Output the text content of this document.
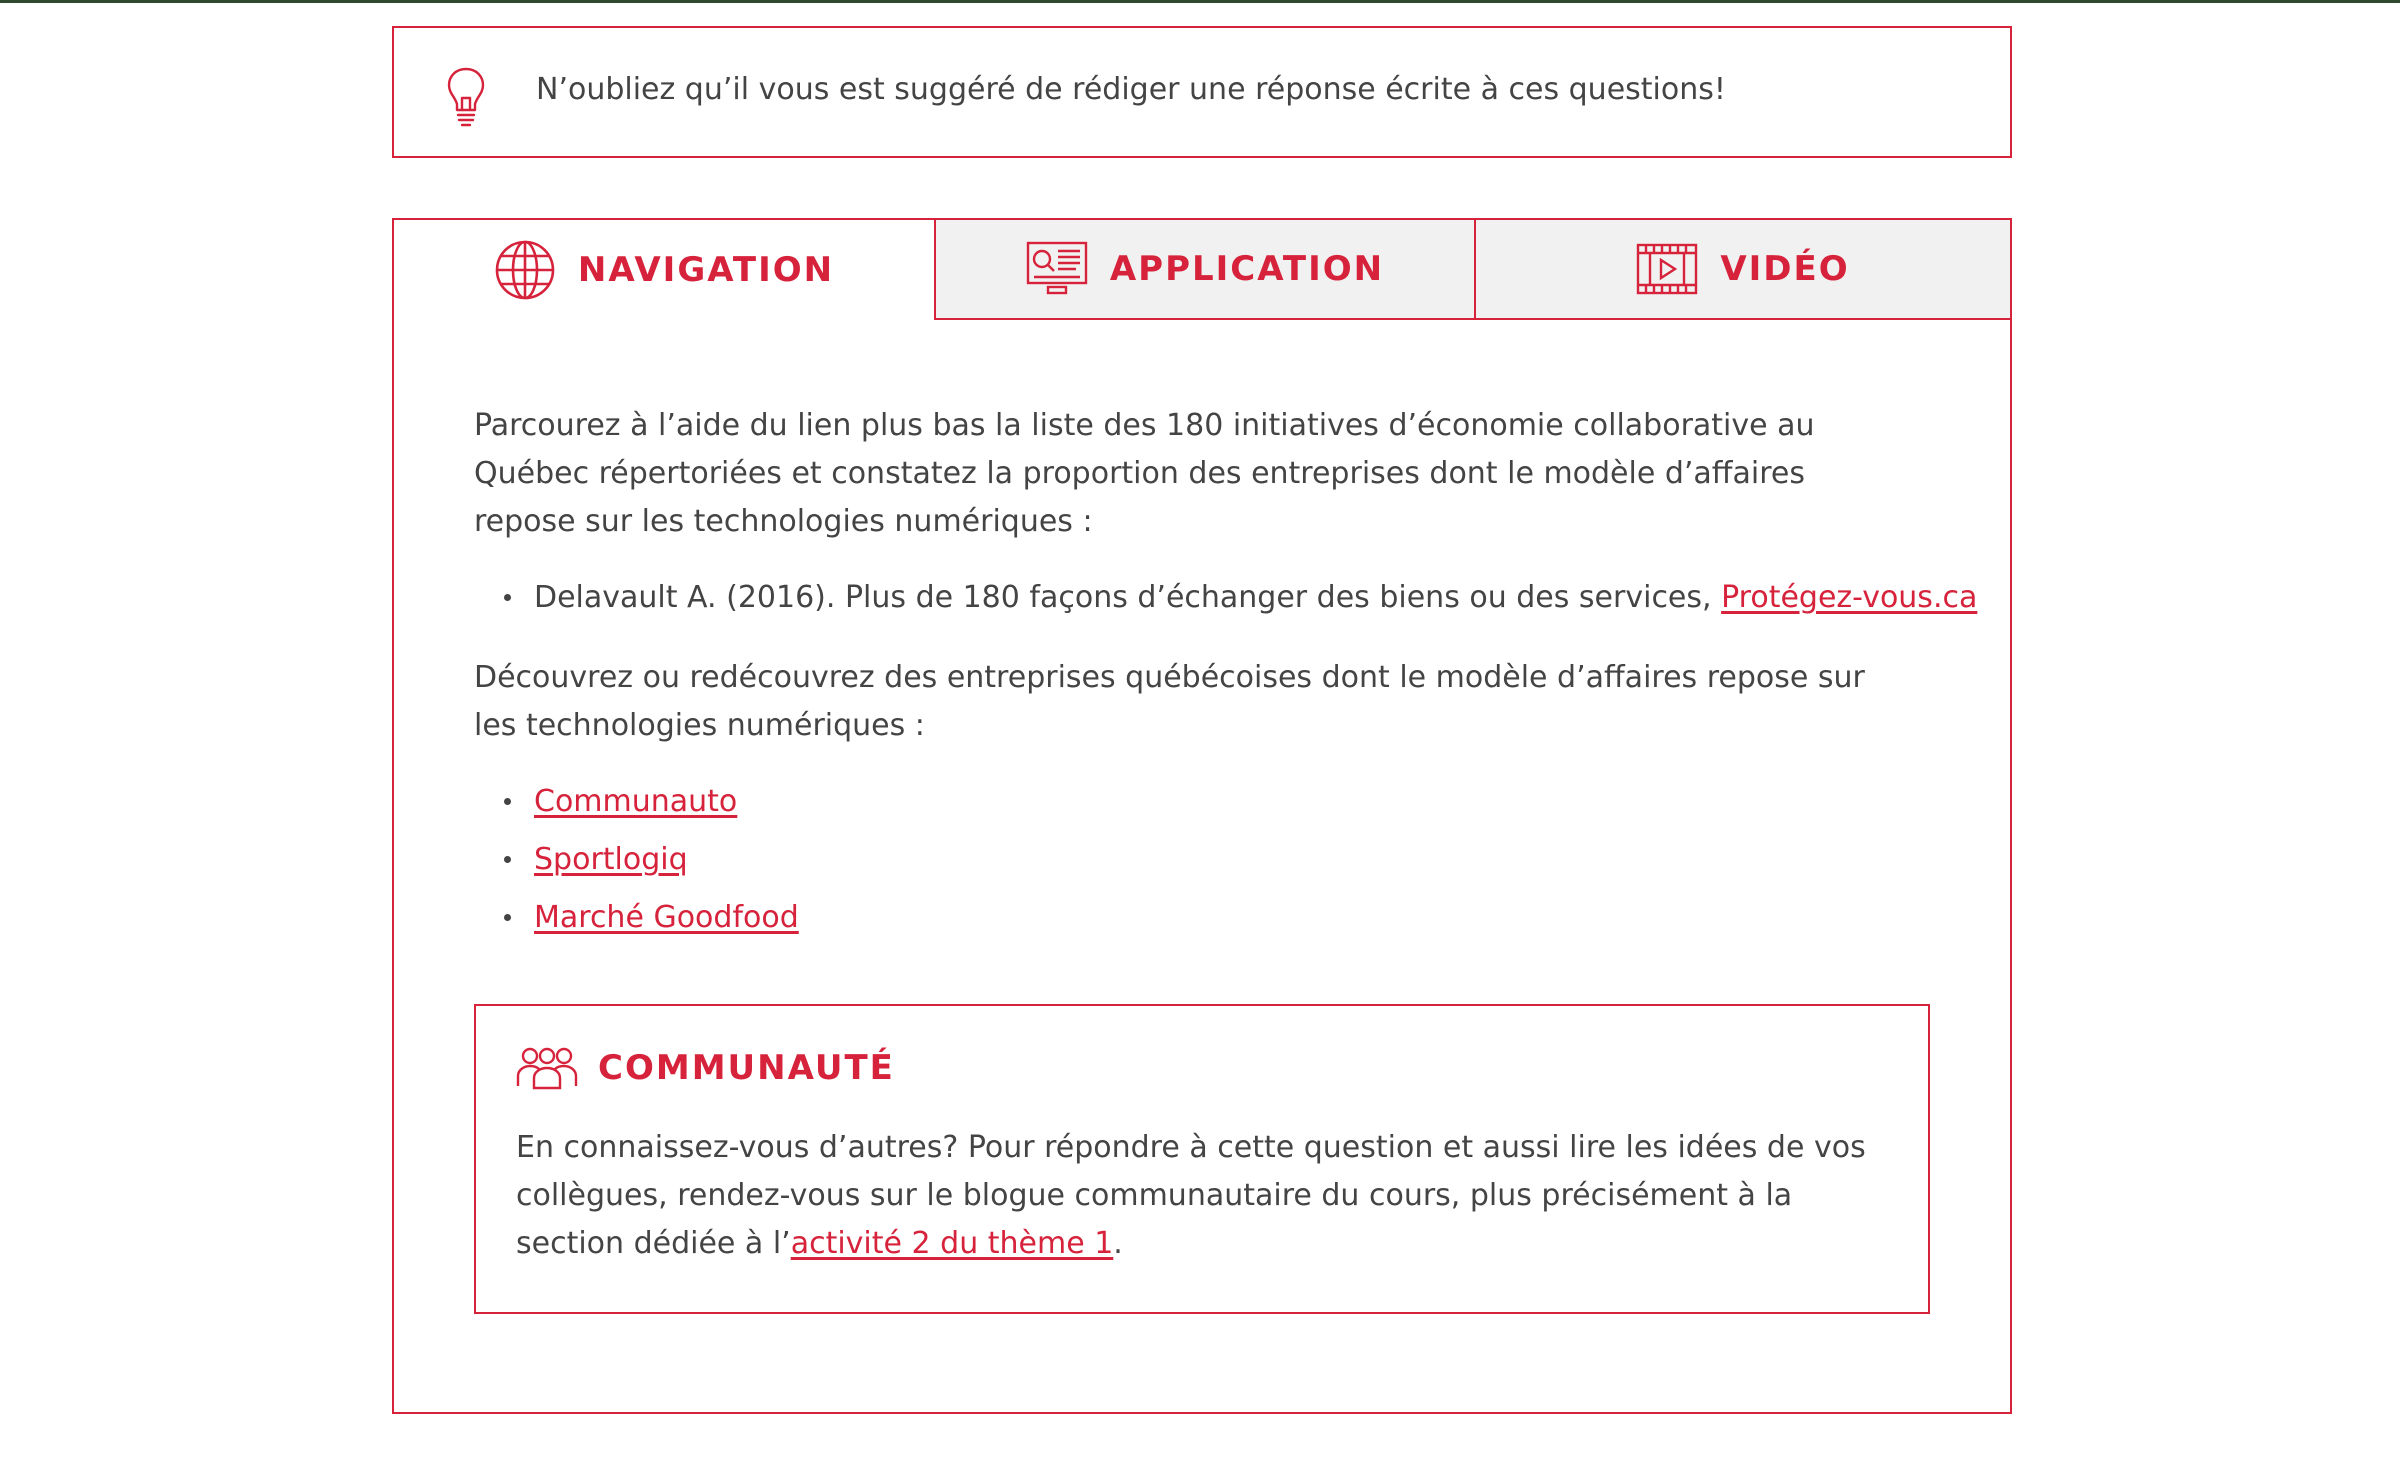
N’oubliez qu’il vous est suggéré de rédiger une réponse écrite à ces questions!
NAVIGATION	APPLICATION	VIDÉO

Parcourez à l’aide du lien plus bas la liste des 180 initiatives d’économie collaborative au Québec répertoriées et constatez la proportion des entreprises dont le modèle d’affaires repose sur les technologies numériques :

Delavault A. (2016). Plus de 180 façons d’échanger des biens ou des services, Protégez-vous.ca

Découvrez ou redécouvrez des entreprises québécoises dont le modèle d’affaires repose sur les technologies numériques :

Communauto
Sportlogiq
Marché Goodfood
COMMUNAUTÉ

En connaissez-vous d’autres? Pour répondre à cette question et aussi lire les idées de vos collègues, rendez-vous sur le blogue communautaire du cours, plus précisément à la section dédiée à l’activité 2 du thème 1.
